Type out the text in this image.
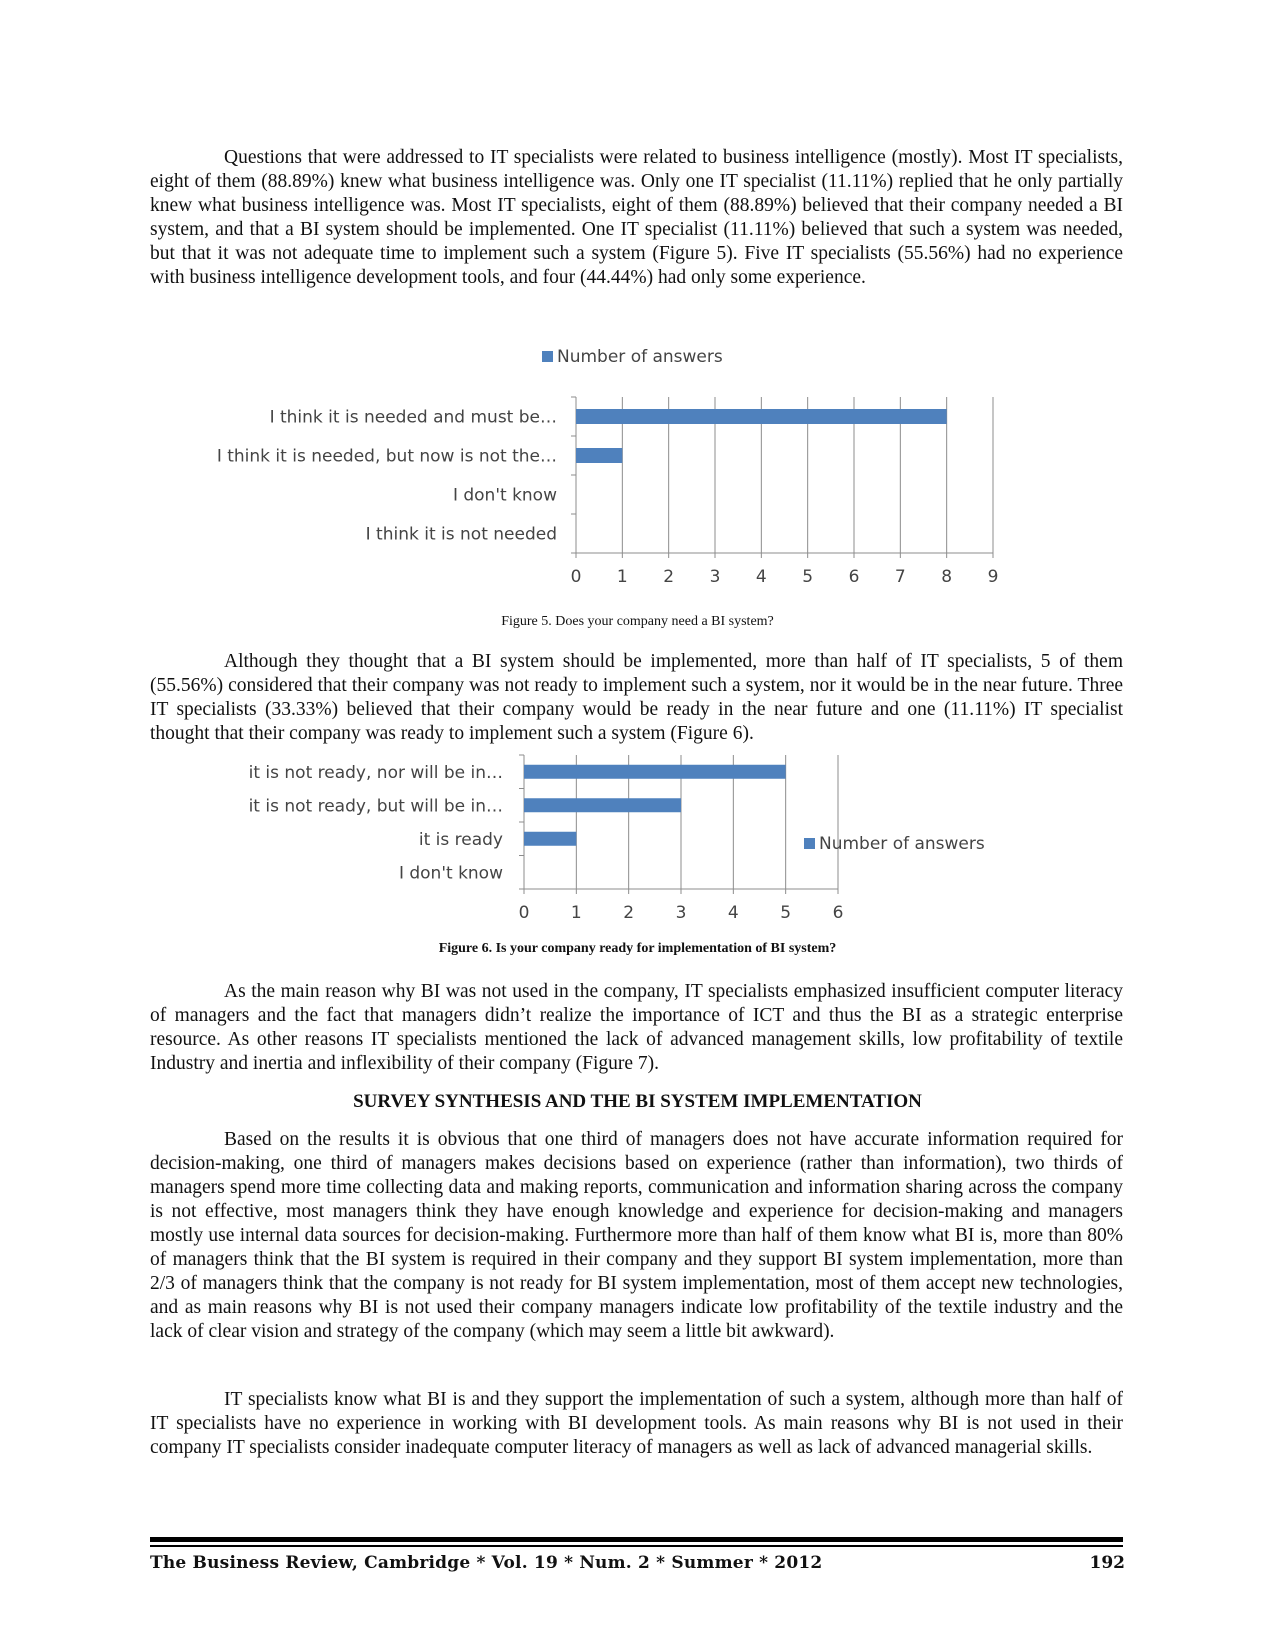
Questions that were addressed to IT specialists were related to business intelligence (mostly). Most IT specialists, eight of them (88.89%) knew what business intelligence was. Only one IT specialist (11.11%) replied that he only partially knew what business intelligence was. Most IT specialists, eight of them (88.89%) believed that their company needed a BI system, and that a BI system should be implemented. One IT specialist (11.11%) believed that such a system was needed, but that it was not adequate time to implement such a system (Figure 5). Five IT specialists (55.56%) had no experience with business intelligence development tools, and four (44.44%) had only some experience.

0 1 2 3 4 5 6 7 8 9
I think it is needed and must be…
I think it is needed, but now is not the…
I don't know
I think it is not needed
Number of answers

Figure 5. Does your company need a BI system?

Although they thought that a BI system should be implemented, more than half of IT specialists, 5 of them (55.56%) considered that their company was not ready to implement such a system, nor it would be in the near future. Three IT specialists (33.33%) believed that their company would be ready in the near future and one (11.11%) IT specialist thought that their company was ready to implement such a system (Figure 6).

0 1 2 3 4 5 6
it is not ready, nor will be in…
it is not ready, but will be in…
it is ready
I don't know
Number of answers

Figure 6. Is your company ready for implementation of BI system?

As the main reason why BI was not used in the company, IT specialists emphasized insufficient computer literacy of managers and the fact that managers didn’t realize the importance of ICT and thus the BI as a strategic enterprise resource. As other reasons IT specialists mentioned the lack of advanced management skills, low profitability of textile Industry and inertia and inflexibility of their company (Figure 7).

SURVEY SYNTHESIS AND THE BI SYSTEM IMPLEMENTATION

Based on the results it is obvious that one third of managers does not have accurate information required for decision-making, one third of managers makes decisions based on experience (rather than information), two thirds of managers spend more time collecting data and making reports, communication and information sharing across the company is not effective, most managers think they have enough knowledge and experience for decision-making and managers mostly use internal data sources for decision-making. Furthermore more than half of them know what BI is, more than 80% of managers think that the BI system is required in their company and they support BI system implementation, more than 2/3 of managers think that the company is not ready for BI system implementation, most of them accept new technologies, and as main reasons why BI is not used their company managers indicate low profitability of the textile industry and the lack of clear vision and strategy of the company (which may seem a little bit awkward).

IT specialists know what BI is and they support the implementation of such a system, although more than half of IT specialists have no experience in working with BI development tools. As main reasons why BI is not used in their company IT specialists consider inadequate computer literacy of managers as well as lack of advanced managerial skills.

The Business Review, Cambridge * Vol. 19 * Num. 2 * Summer * 2012	192
